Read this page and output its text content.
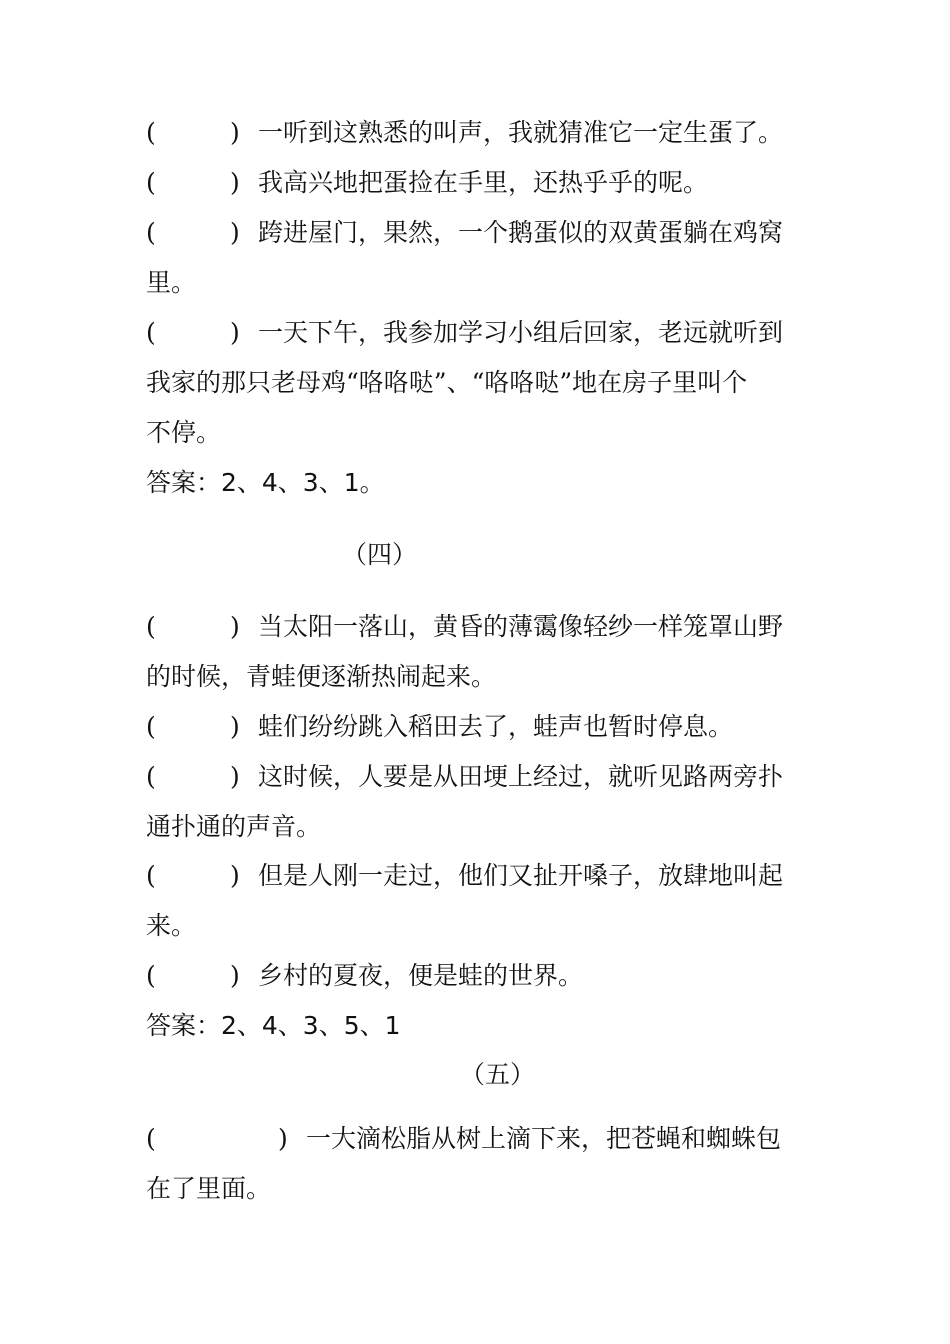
(	) 一听到这熟悉的叫声，我就猜准它一定生蛋了。
(	) 我高兴地把蛋捡在手里，还热乎乎的呢。
(	) 跨进屋门，果然，一个鹅蛋似的双黄蛋躺在鸡窝
里。
(	) 一天下午，我参加学习小组后回家，老远就听到
我家的那只老母鸡“咯咯哒”、“咯咯哒”地在房子里叫个
不停。
答案：2、4、3、1。
（四）
(	) 当太阳一落山，黄昏的薄霭像轻纱一样笼罩山野
的时候，青蛙便逐渐热闹起来。
(	) 蛙们纷纷跳入稻田去了，蛙声也暂时停息。
(	) 这时候，人要是从田埂上经过，就听见路两旁扑
通扑通的声音。
(	) 但是人刚一走过，他们又扯开嗓子，放肆地叫起
来。
(	) 乡村的夏夜，便是蛙的世界。
答案：2、4、3、5、1
（五）
(	) 一大滴松脂从树上滴下来，把苍蝇和蜘蛛包
在了里面。
